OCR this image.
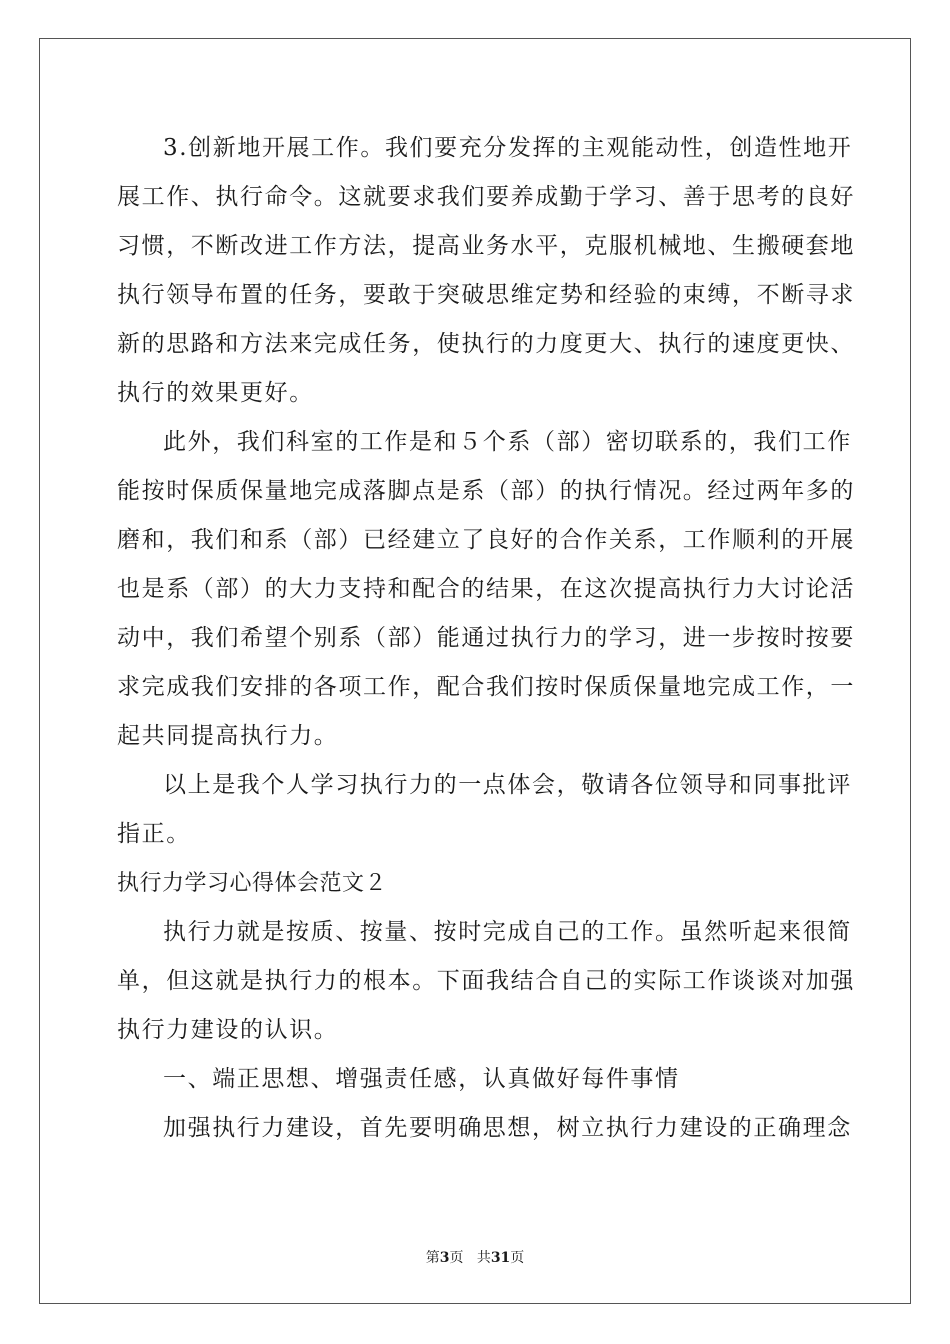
3.创新地开展工作。我们要充分发挥的主观能动性，创造性地开
展工作、执行命令。这就要求我们要养成勤于学习、善于思考的良好
习惯，不断改进工作方法，提高业务水平，克服机械地、生搬硬套地
执行领导布置的任务，要敢于突破思维定势和经验的束缚，不断寻求
新的思路和方法来完成任务，使执行的力度更大、执行的速度更快、
执行的效果更好。
此外，我们科室的工作是和５个系（部）密切联系的，我们工作
能按时保质保量地完成落脚点是系（部）的执行情况。经过两年多的
磨和，我们和系（部）已经建立了良好的合作关系，工作顺利的开展
也是系（部）的大力支持和配合的结果，在这次提高执行力大讨论活
动中，我们希望个别系（部）能通过执行力的学习，进一步按时按要
求完成我们安排的各项工作，配合我们按时保质保量地完成工作，一
起共同提高执行力。
以上是我个人学习执行力的一点体会，敬请各位领导和同事批评
指正。
执行力学习心得体会范文２
执行力就是按质、按量、按时完成自己的工作。虽然听起来很简
单，但这就是执行力的根本。下面我结合自己的实际工作谈谈对加强
执行力建设的认识。
一、端正思想、增强责任感，认真做好每件事情
加强执行力建设，首先要明确思想，树立执行力建设的正确理念
第3页 共31页
